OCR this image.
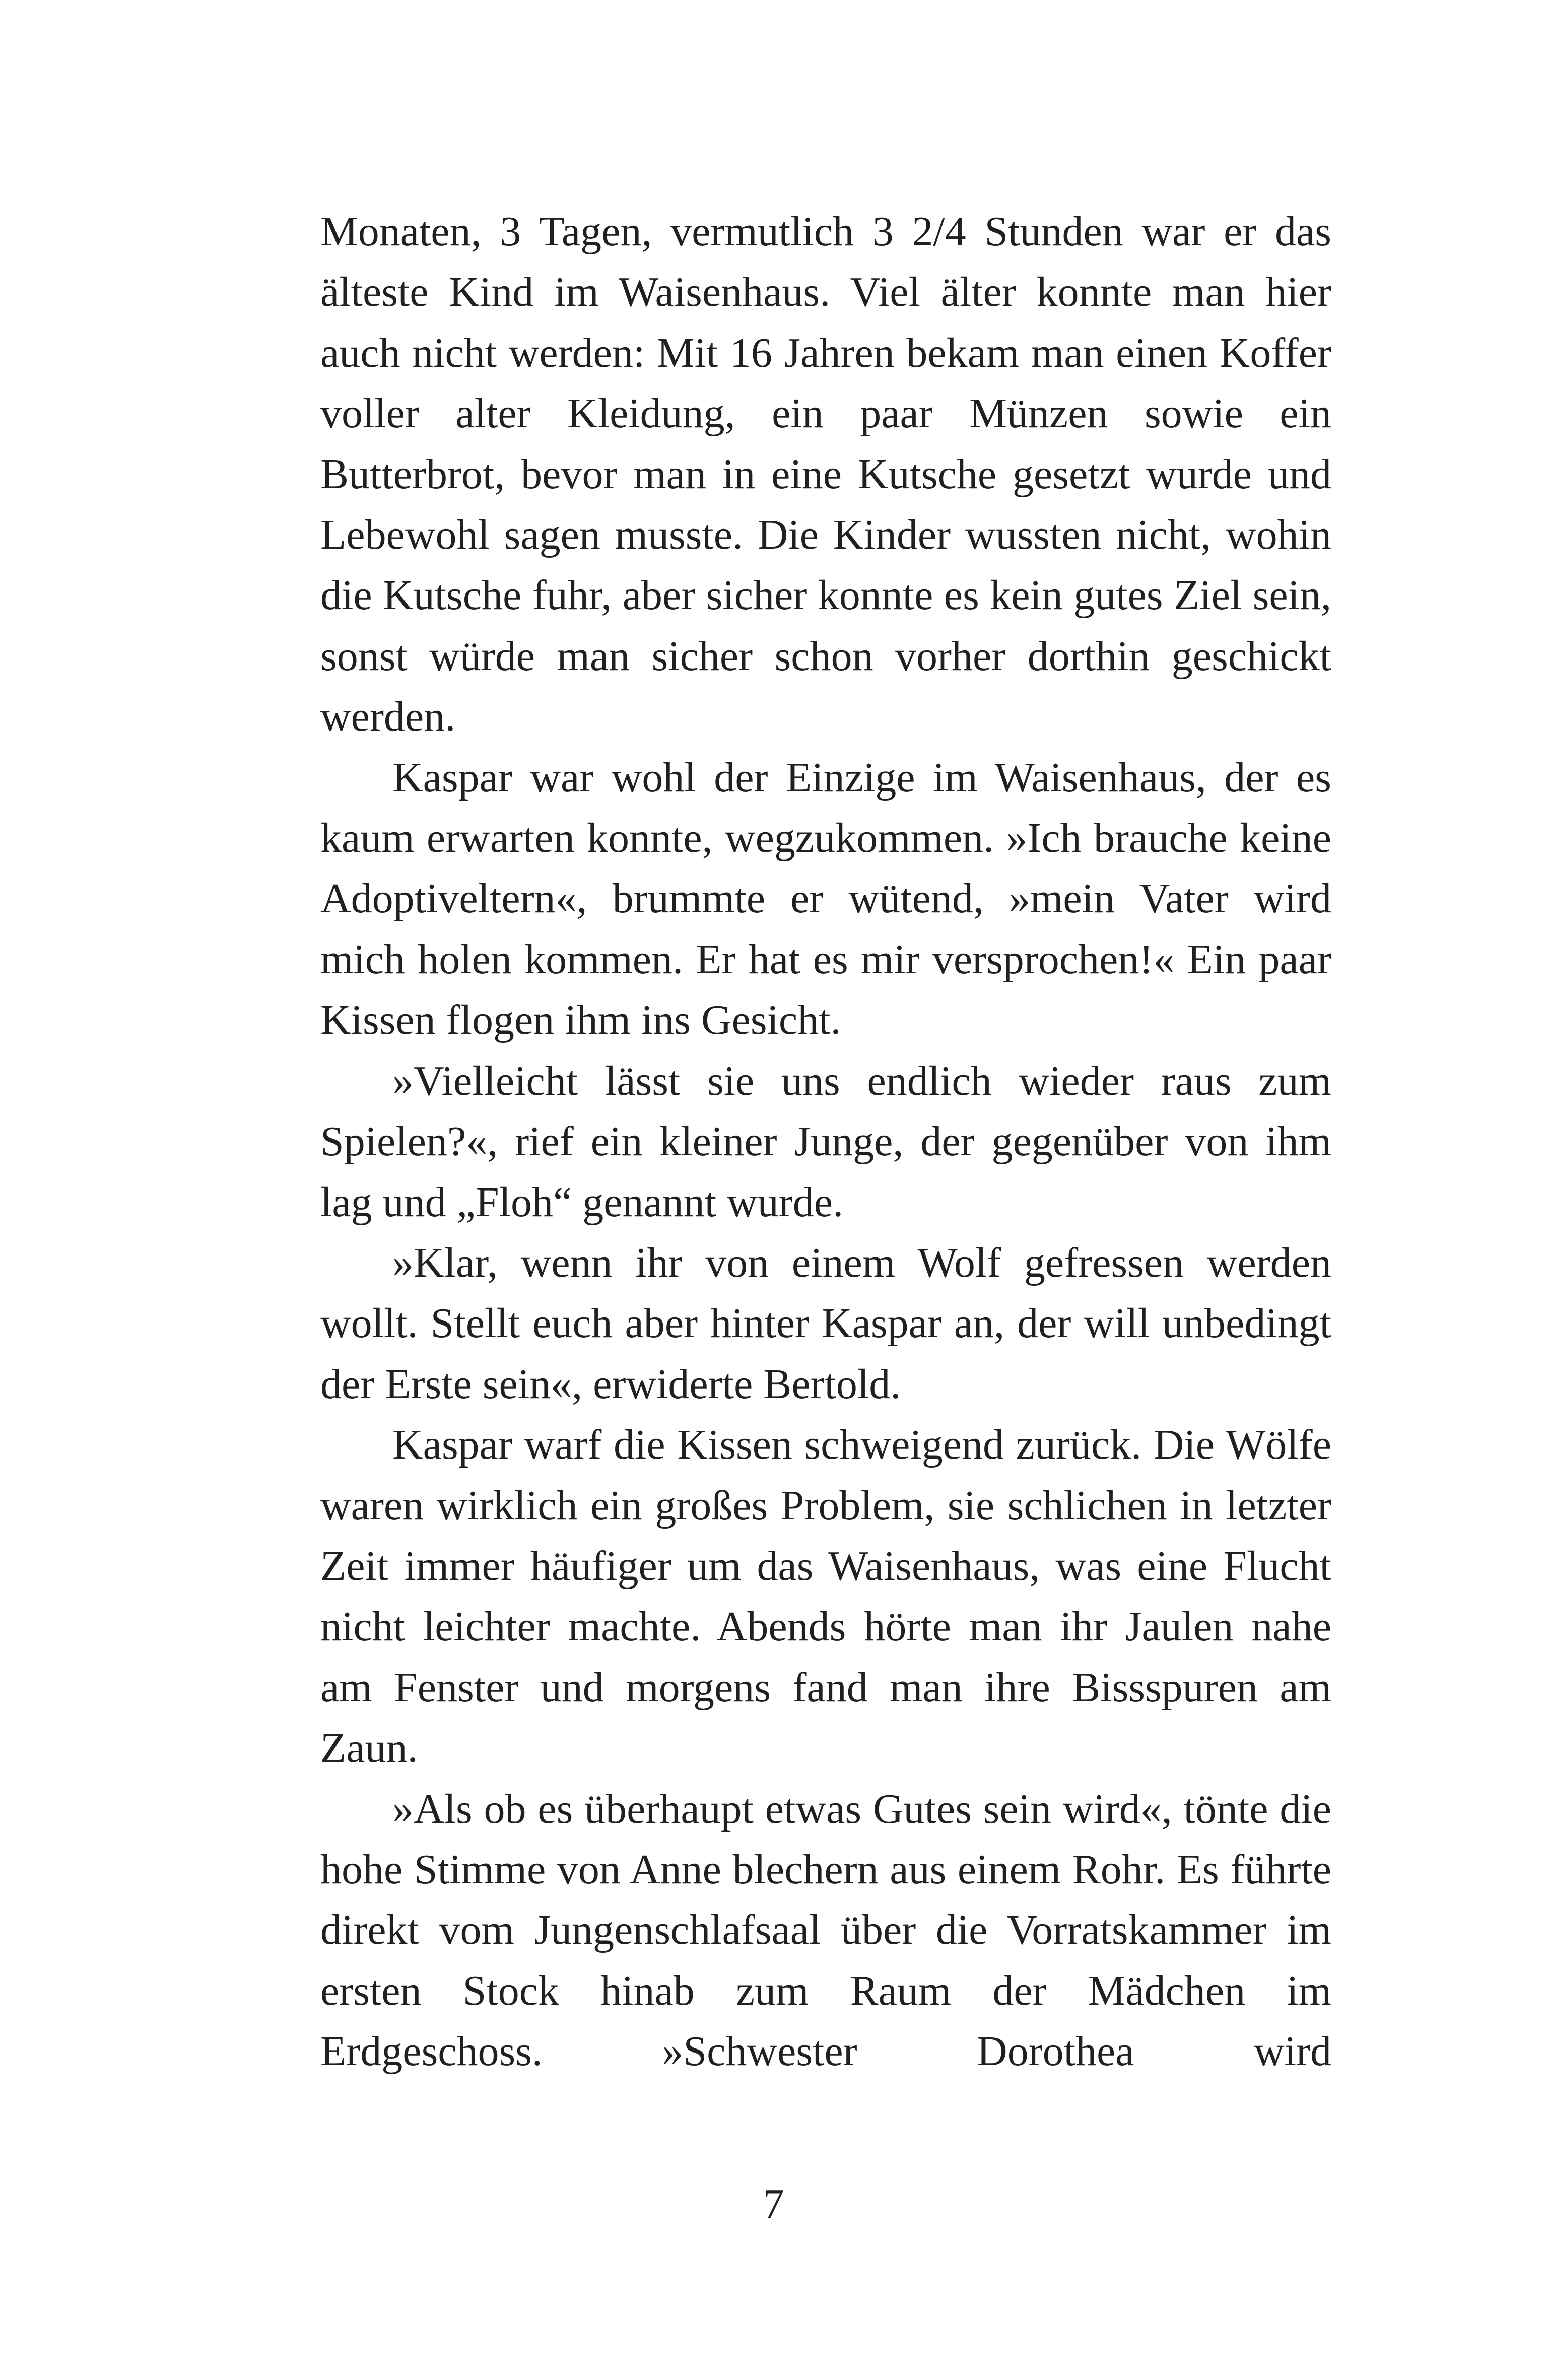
Monaten, 3 Tagen, vermutlich 3 2/4 Stunden war er das älteste Kind im Waisenhaus. Viel älter konnte man hier auch nicht werden: Mit 16 Jahren bekam man einen Koffer voller alter Kleidung, ein paar Münzen sowie ein Butterbrot, bevor man in eine Kutsche gesetzt wurde und Lebewohl sagen musste. Die Kinder wussten nicht, wohin die Kutsche fuhr, aber sicher konnte es kein gutes Ziel sein, sonst würde man sicher schon vorher dorthin geschickt werden.

Kaspar war wohl der Einzige im Waisenhaus, der es kaum erwarten konnte, wegzukommen. »Ich brauche keine Adoptiveltern«, brummte er wütend, »mein Vater wird mich holen kommen. Er hat es mir versprochen!« Ein paar Kissen flogen ihm ins Gesicht.

»Vielleicht lässt sie uns endlich wieder raus zum Spielen?«, rief ein kleiner Junge, der gegenüber von ihm lag und „Floh“ genannt wurde.

»Klar, wenn ihr von einem Wolf gefressen werden wollt. Stellt euch aber hinter Kaspar an, der will unbedingt der Erste sein«, erwiderte Bertold.

Kaspar warf die Kissen schweigend zurück. Die Wölfe waren wirklich ein großes Problem, sie schlichen in letzter Zeit immer häufiger um das Waisenhaus, was eine Flucht nicht leichter machte. Abends hörte man ihr Jaulen nahe am Fenster und morgens fand man ihre Bissspuren am Zaun.

»Als ob es überhaupt etwas Gutes sein wird«, tönte die hohe Stimme von Anne blechern aus einem Rohr. Es führte direkt vom Jungenschlafsaal über die Vorratskammer im ersten Stock hinab zum Raum der Mädchen im Erdgeschoss. »Schwester Dorothea wird

7
